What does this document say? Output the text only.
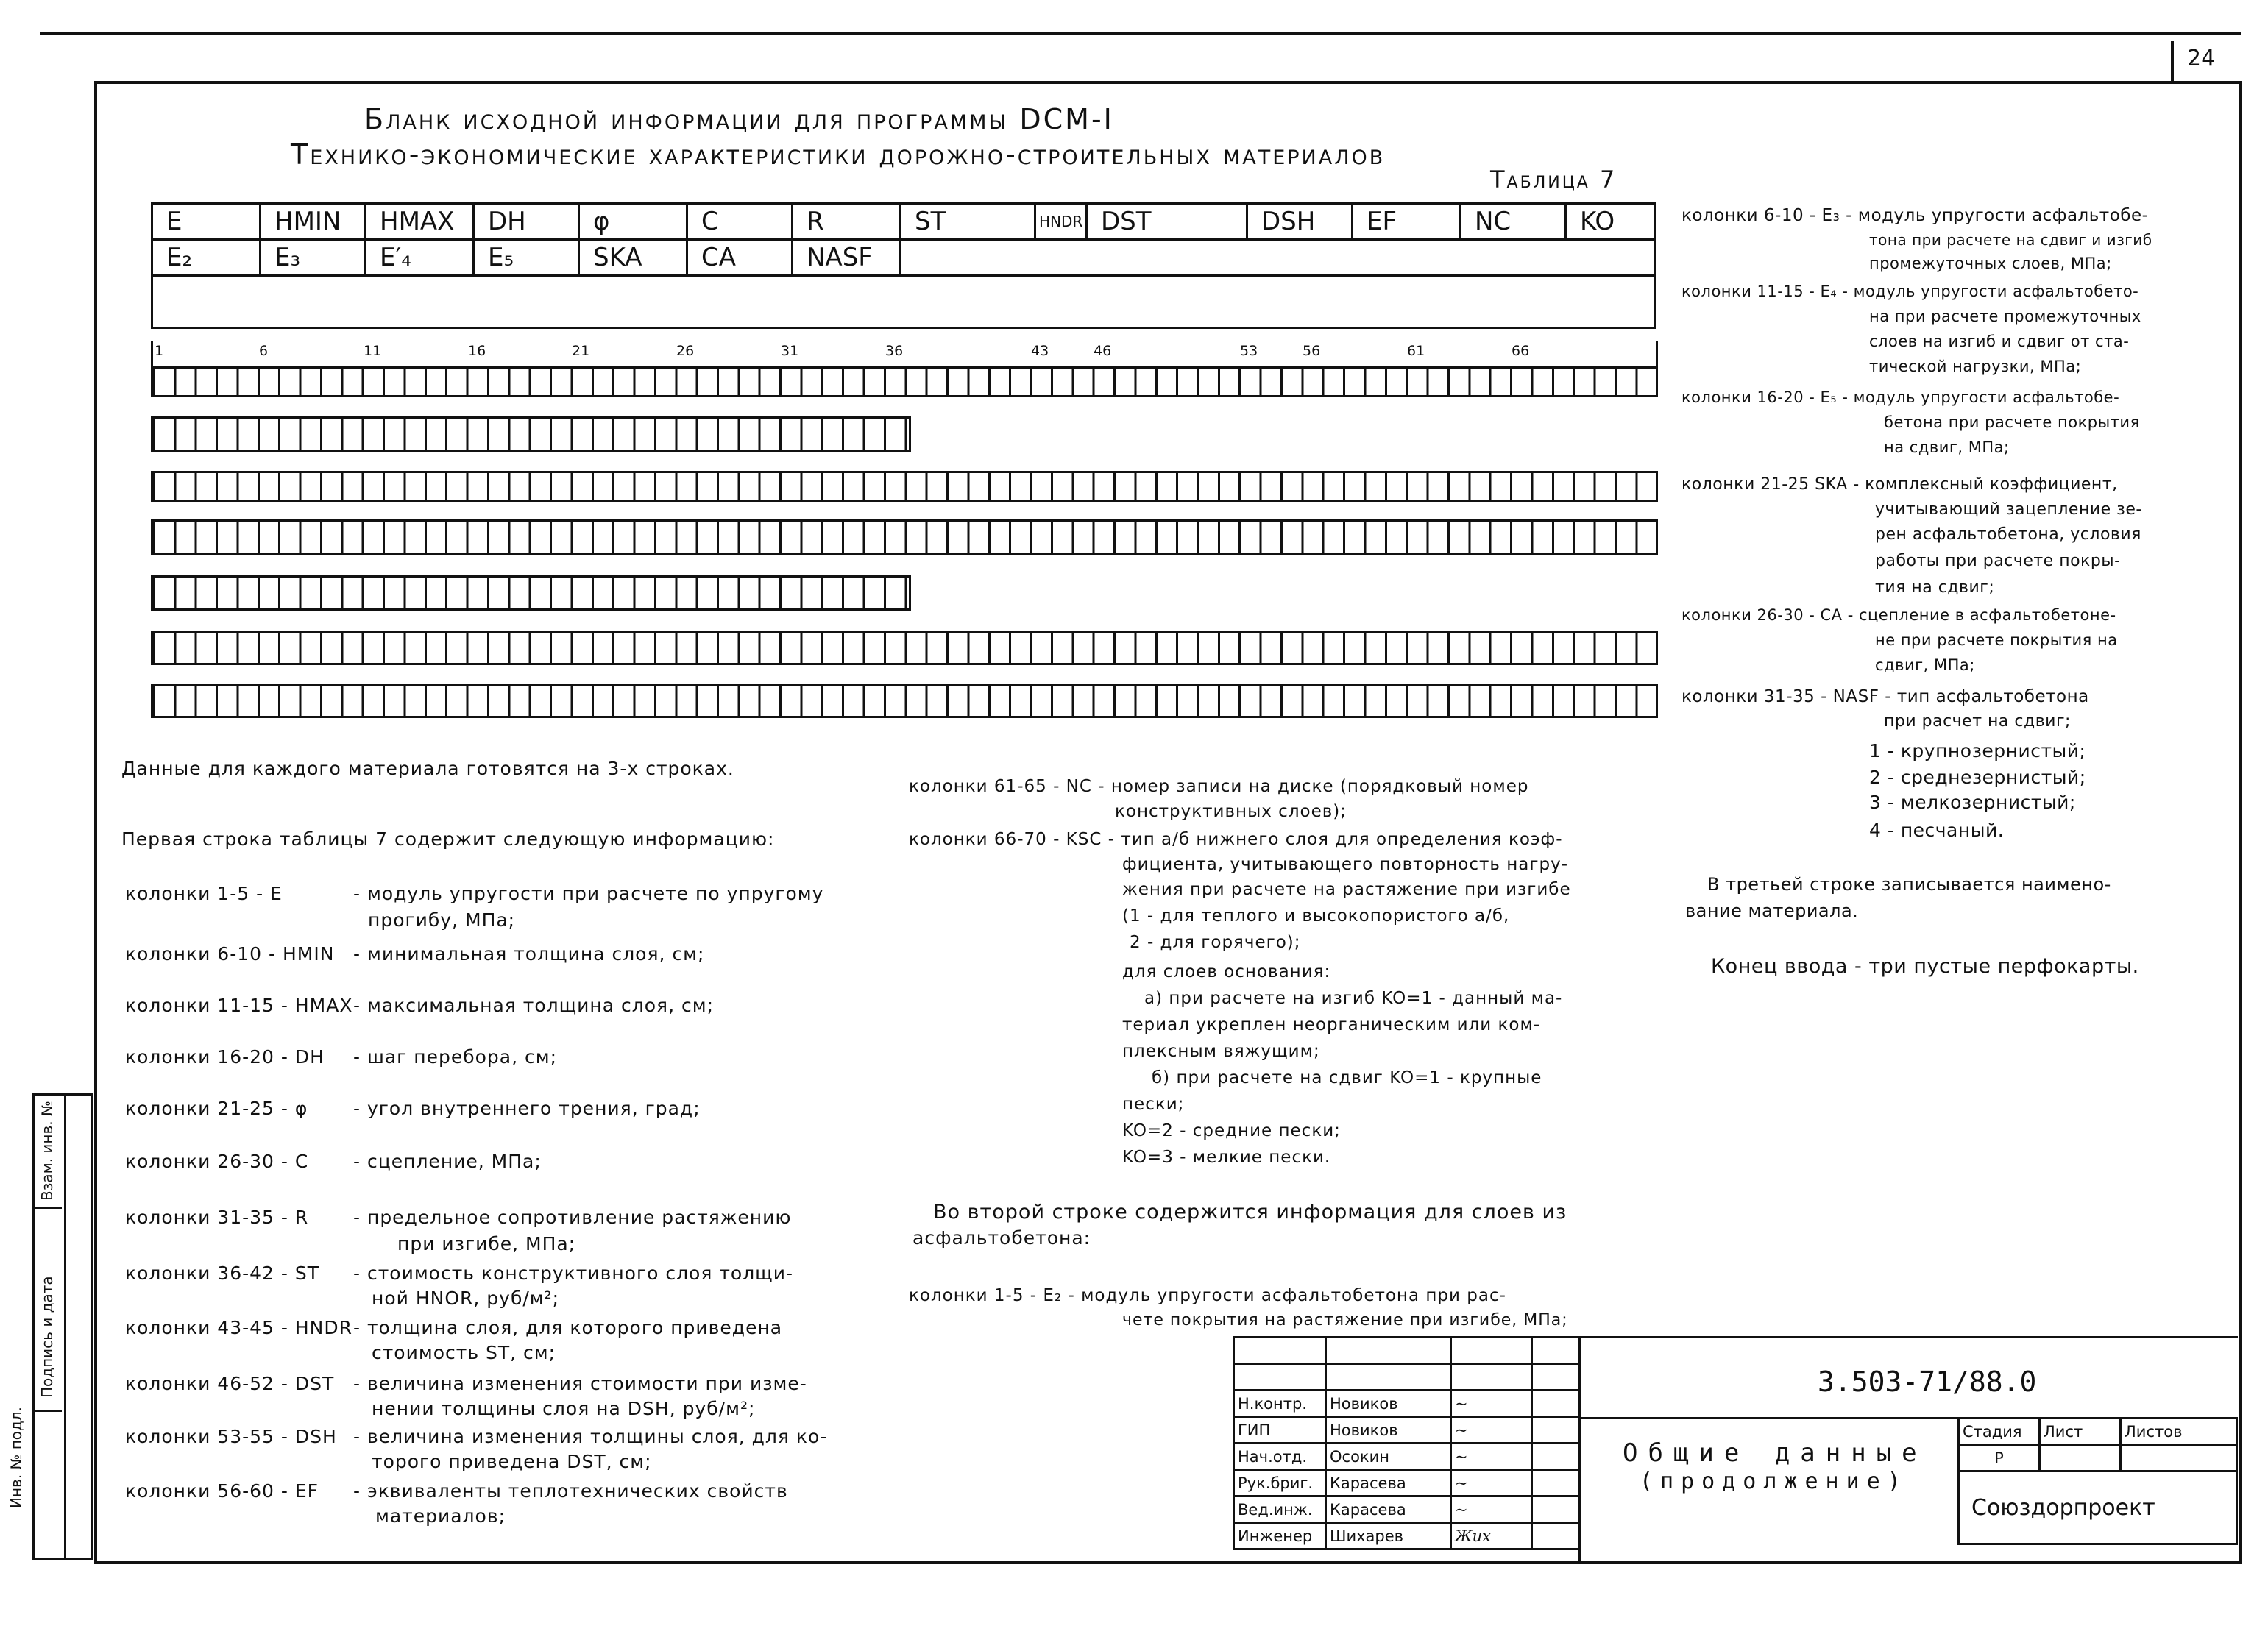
24
Бланк исходной информации для программы DCM-I
Технико-экономические характеристики дорожно-строительных материалов
Таблица 7
E	HMIN	HMAX	DH	φ	C	R	ST	HNDR	DST	DSH	EF	NC	KO
E₂	E₃	E′₄	E₅	SKA	CA	NASF							

1	6	11	16	21	26	31	36	43	46	53	56	61	66
Данные для каждого материала готовятся на 3-х строках.
Первая строка таблицы 7 содержит следующую информацию:
колонки 1-5 - E	- модуль упругости при расчете по упругому
прогибу, МПа;
колонки 6-10 - HMIN - минимальная толщина слоя, см;
колонки 11-15 - HMAX - максимальная толщина слоя, см;
колонки 16-20 - DH - шаг перебора, см;
колонки 21-25 - φ - угол внутреннего трения, град;
колонки 26-30 - C - сцепление, МПа;
колонки 31-35 - R - предельное сопротивление растяжению
при изгибе, МПа;
колонки 36-42 - ST - стоимость конструктивного слоя толщи-
ной HNOR, руб/м²;
колонки 43-45 - HNDR - толщина слоя, для которого приведена
стоимость ST, см;
колонки 46-52 - DST - величина изменения стоимости при изме-
нении толщины слоя на DSH, руб/м²;
колонки 53-55 - DSH - величина изменения толщины слоя, для ко-
торого приведена DST, см;
колонки 56-60 - EF - эквиваленты теплотехнических свойств
материалов;
колонки 61-65 - NC - номер записи на диске (порядковый номер
конструктивных слоев);
колонки 66-70 - KSC - тип а/б нижнего слоя для определения коэф-
фициента, учитывающего повторность нагру-
жения при расчете на растяжение при изгибе
(1 - для теплого и высокопористого а/б,
2 - для горячего);
для слоев основания:
а) при расчете на изгиб KO=1 - данный ма-
териал укреплен неорганическим или ком-
плексным вяжущим;
б) при расчете на сдвиг KO=1 - крупные
пески;
KO=2 - средние пески;
KO=3 - мелкие пески.
Во второй строке содержится информация для слоев из
асфальтобетона:
колонки 1-5 - E₂ - модуль упругости асфальтобетона при рас-
чете покрытия на растяжение при изгибе, МПа;
колонки 6-10 - E₃ - модуль упругости асфальтобе-
тона при расчете на сдвиг и изгиб
промежуточных слоев, МПа;
колонки 11-15 - E₄ - модуль упругости асфальтобето-
на при расчете промежуточных
слоев на изгиб и сдвиг от ста-
тической нагрузки, МПа;
колонки 16-20 - E₅ - модуль упругости асфальтобе-
бетона при расчете покрытия
на сдвиг, МПа;
колонки 21-25 SKA - комплексный коэффициент,
учитывающий зацепление зе-
рен асфальтобетона, условия
работы при расчете покры-
тия на сдвиг;
колонки 26-30 - CA - сцепление в асфальтобетоне-
не при расчете покрытия на
сдвиг, МПа;
колонки 31-35 - NASF - тип асфальтобетона
при расчет на сдвиг;
1 - крупнозернистый;
2 - среднезернистый;
3 - мелкозернистый;
4 - песчаный.
В третьей строке записывается наимено-
вание материала.
Конец ввода - три пустые перфокарты.
Инв. № подл.
Подпись и дата
Взам. инв. №

Н.контр.	Новиков	~	
ГИП	Новиков	~	
Нач.отд.	Осокин	~	
Рук.бриг.	Карасева	~	
Вед.инж.	Карасева	~	
Инженер	Шихарев	Жих	
3.503-71/88.0
Общие данные
(продолжение)
Стадия	Лист	Листов
Р		
Союздорпроект		
